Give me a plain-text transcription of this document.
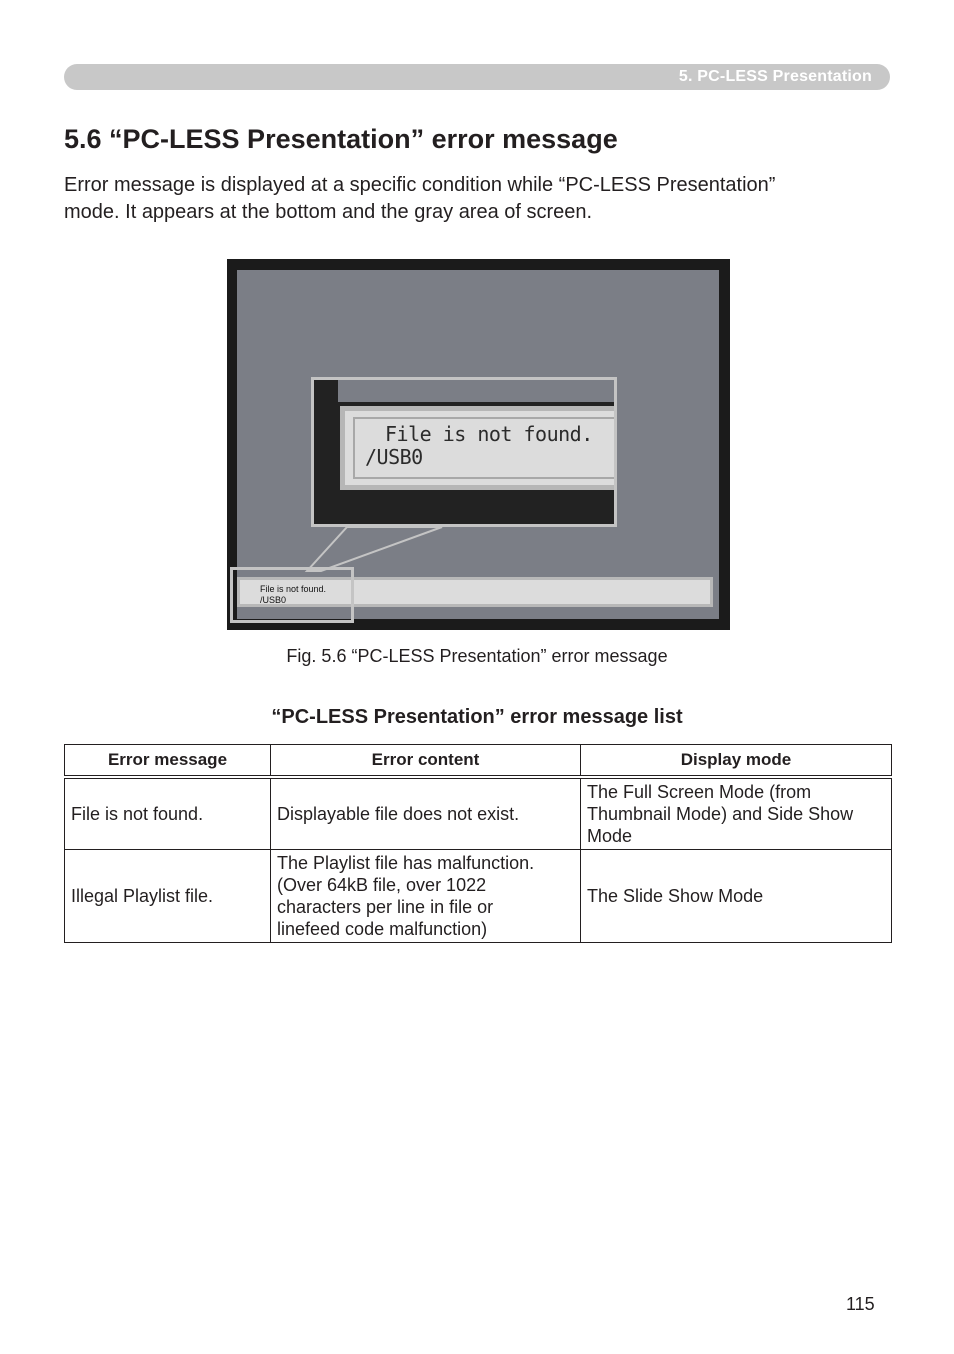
5. PC-LESS Presentation
5.6 “PC-LESS Presentation” error message
Error message is displayed at a specific condition while “PC-LESS Presentation”
mode. It appears at the bottom and the gray area of screen.
File is not found.
/USB0
File is not found.
/USB0
Fig. 5.6 “PC-LESS Presentation” error message
“PC-LESS Presentation” error message list
Error message	Error content	Display mode

File is not found.	Displayable file does not exist.	The Full Screen Mode (from
Thumbnail Mode) and Side Show
Mode

Illegal Playlist file.	The Playlist file has malfunction.
(Over 64kB file, over 1022
characters per line in file or
linefeed code malfunction)	The Slide Show Mode
115
